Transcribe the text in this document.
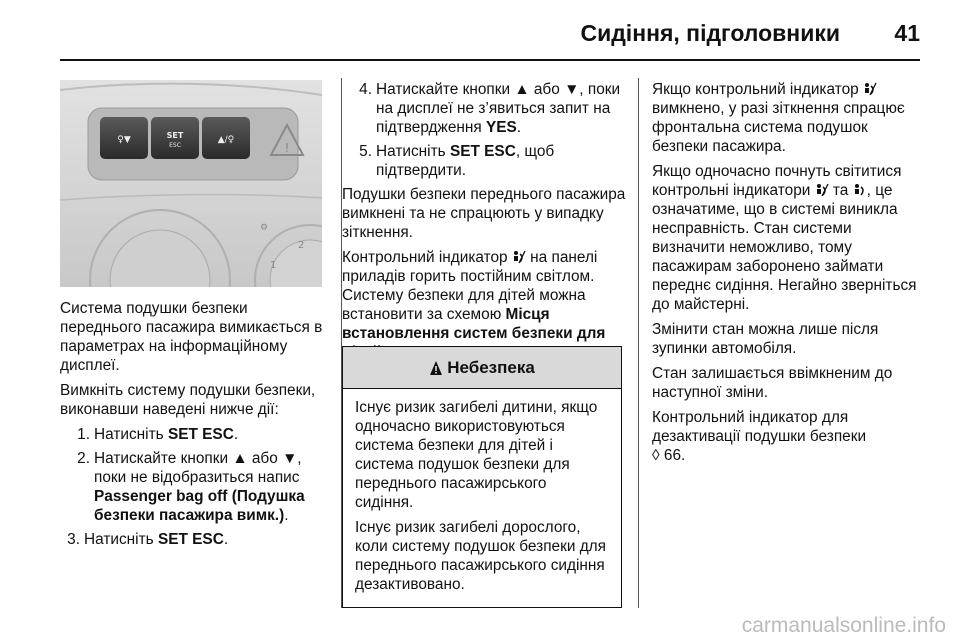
Сидіння, підголовники 41
♀▼	SET
ESC
▲/♀
!
⚙
1
2

Система подушки безпеки переднього пасажира вимикається в параметрах на інформаційному дисплеї.

Вимкніть систему подушки безпеки, виконавши наведені нижче дії:

1. Натисніть SET ESC.
2. Натискайте кнопки ▲ або ▼, поки не відобразиться напис Passenger bag off (Подушка безпеки пасажира вимк.).
3. Натисніть SET ESC.
4. Натискайте кнопки ▲ або ▼, поки на дисплеї не з’явиться запит на підтвердження YES.
5. Натисніть SET ESC, щоб підтвердити.

Подушки безпеки переднього пасажира вимкнені та не спрацюють у випадку зіткнення.

Контрольний індикатор  на панелі приладів горить постійним світлом.

Систему безпеки для дітей можна встановити за схемою Місця встановлення систем безпеки для

Небезпека

Існує ризик загибелі дитини, якщо одночасно використовуються система безпеки для дітей і система подушок безпеки для переднього пасажирського сидіння.

Існує ризик загибелі дорослого, коли систему подушок безпеки для переднього пасажирського сидіння дезактивовано.

Якщо контрольний індикатор  вимкнено, у разі зіткнення спрацює фронтальна система подушок безпеки пасажира.

Якщо одночасно почнуть світитися контрольні індикатори  та , це означатиме, що в системі виникла несправність. Стан системи визначити неможливо, тому пасажирам заборонено займати переднє сидіння. Негайно зверніться до майстерні.

Змінити стан можна лише після зупинки автомобіля.

Стан залишається ввімкненим до наступної зміни.

Контрольний індикатор для дезактивації подушки безпеки
◊ 66.

carmanualsonline.info
